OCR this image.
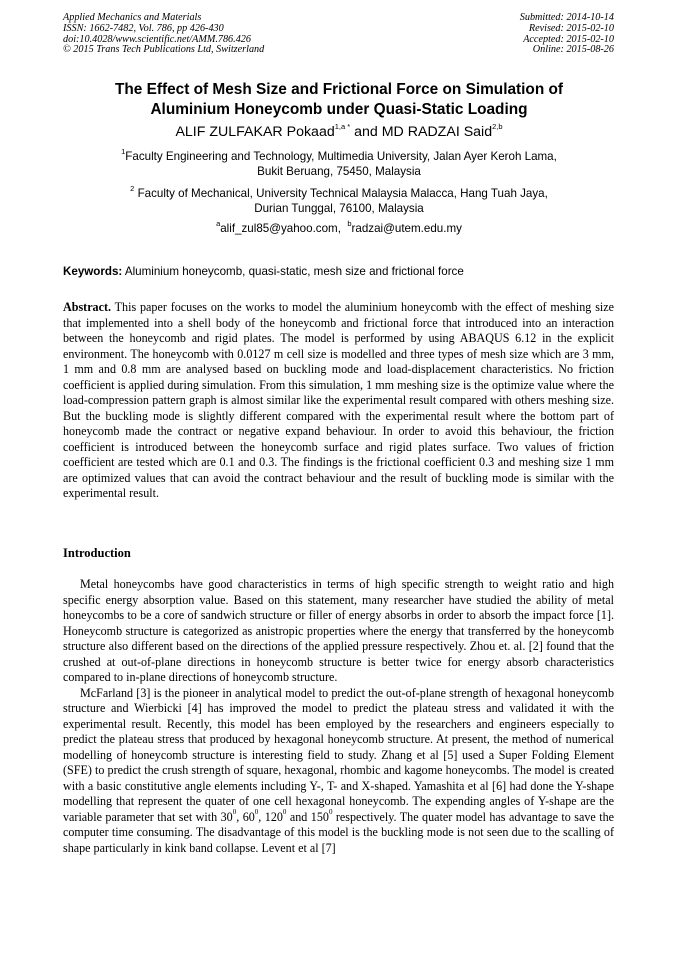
Applied Mechanics and Materials
ISSN: 1662-7482, Vol. 786, pp 426-430
doi:10.4028/www.scientific.net/AMM.786.426
© 2015 Trans Tech Publications Ltd, Switzerland
Submitted: 2014-10-14
Revised: 2015-02-10
Accepted: 2015-02-10
Online: 2015-08-26
The Effect of Mesh Size and Frictional Force on Simulation of
Aluminium Honeycomb under Quasi-Static Loading
ALIF ZULFAKAR Pokaad$^{1,a *}$ and MD RADZAI Said$^{2,b}$
$^1$Faculty Engineering and Technology, Multimedia University, Jalan Ayer Keroh Lama,
Bukit Beruang, 75450, Malaysia
$^2$ Faculty of Mechanical, University Technical Malaysia Malacca, Hang Tuah Jaya,
Durian Tunggal, 76100, Malaysia
$^a$alif_zul85@yahoo.com, $^b$radzai@utem.edu.my
Keywords: Aluminium honeycomb, quasi-static, mesh size and frictional force
Abstract. This paper focuses on the works to model the aluminium honeycomb with the effect of meshing size that implemented into a shell body of the honeycomb and frictional force that introduced into an interaction between the honeycomb and rigid plates. The model is performed by using ABAQUS 6.12 in the explicit environment. The honeycomb with 0.0127 m cell size is modelled and three types of mesh size which are 3 mm, 1 mm and 0.8 mm are analysed based on buckling mode and load-displacement characteristics. No friction coefficient is applied during simulation. From this simulation, 1 mm meshing size is the optimize value where the load-compression pattern graph is almost similar like the experimental result compared with others meshing size. But the buckling mode is slightly different compared with the experimental result where the bottom part of honeycomb made the contract or negative expand behaviour. In order to avoid this behaviour, the friction coefficient is introduced between the honeycomb surface and rigid plates surface. Two values of friction coefficient are tested which are 0.1 and 0.3. The findings is the frictional coefficient 0.3 and meshing size 1 mm are optimized values that can avoid the contract behaviour and the result of buckling mode is similar with the experimental result.
Introduction

Metal honeycombs have good characteristics in terms of high specific strength to weight ratio and high specific energy absorption value. Based on this statement, many researcher have studied the ability of metal honeycombs to be a core of sandwich structure or filler of energy absorbs in order to absorb the impact force [1]. Honeycomb structure is categorized as anistropic properties where the energy that transferred by the honeycomb structure also different based on the directions of the applied pressure respectively. Zhou et. al. [2] found that the crushed at out-of-plane directions in honeycomb structure is better twice for energy absorb characteristics compared to in-plane directions of honeycomb structure.

McFarland [3] is the pioneer in analytical model to predict the out-of-plane strength of hexagonal honeycomb structure and Wierbicki [4] has improved the model to predict the plateau stress and validated it with the experimental result. Recently, this model has been employed by the researchers and engineers especially to predict the plateau stress that produced by hexagonal honeycomb structure. At present, the method of numerical modelling of honeycomb structure is interesting field to study. Zhang et al [5] used a Super Folding Element (SFE) to predict the crush strength of square, hexagonal, rhombic and kagome honeycombs. The model is created with a basic constitutive angle elements including Y-, T- and X-shaped. Yamashita et al [6] had done the Y-shape modelling that represent the quater of one cell hexagonal honeycomb. The expending angles of Y-shape are the variable parameter that set with $30^0$, $60^0$, $120^0$ and $150^0$ respectively. The quater model has advantage to save the computer time consuming. The disadvantage of this model is the buckling mode is not seen due to the scalling of shape particularly in kink band collapse. Levent et al [7]
